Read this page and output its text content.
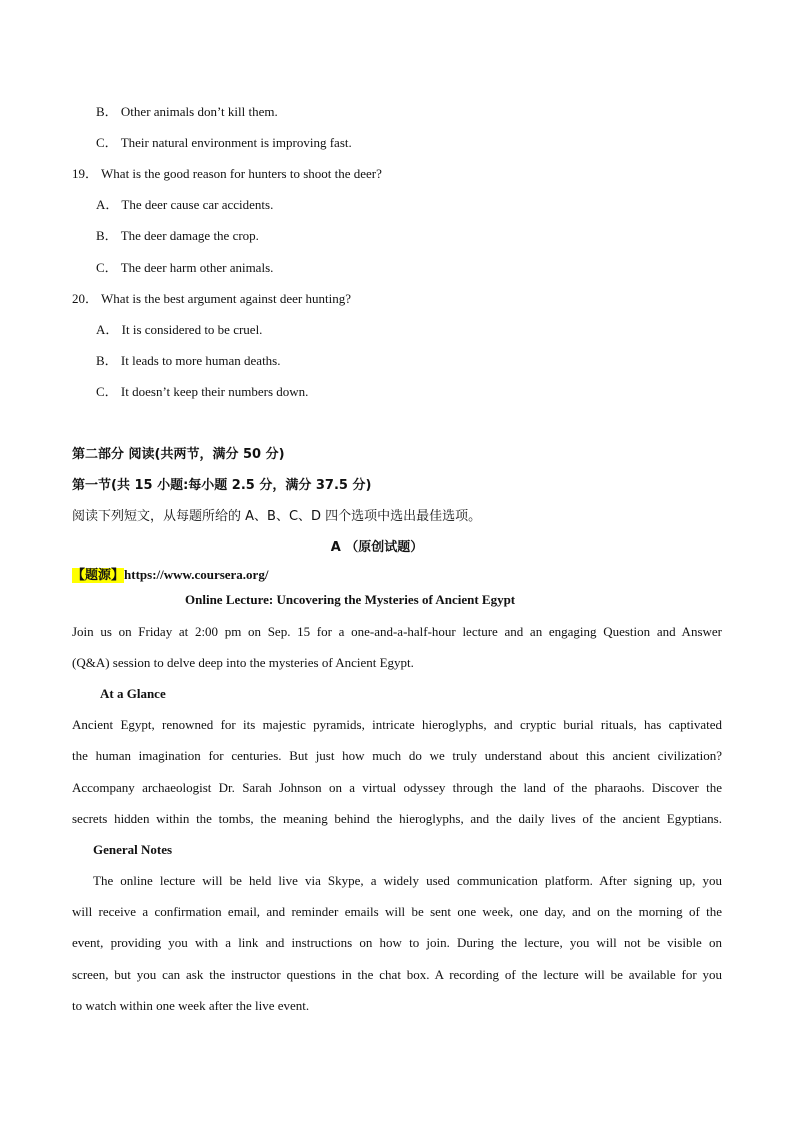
B． Other animals don’t kill them.
C． Their natural environment is improving fast.
19． What is the good reason for hunters to shoot the deer?
A． The deer cause car accidents.
B． The deer damage the crop.
C． The deer harm other animals.
20． What is the best argument against deer hunting?
A． It is considered to be cruel.
B． It leads to more human deaths.
C． It doesn’t keep their numbers down.
第二部分 阅读(共两节，满分 50 分)
第一节(共 15 小题:每小题 2.5 分，满分 37.5 分)
阅读下列短文，从每题所给的 A、B、C、D 四个选项中选出最佳选项。
A （原创试题）
【题源】https://www.coursera.org/
Online Lecture: Uncovering the Mysteries of Ancient Egypt
Join us on Friday at 2:00 pm on Sep. 15 for a one-and-a-half-hour lecture and an engaging Question and Answer
(Q&A) session to delve deep into the mysteries of Ancient Egypt.
At a Glance
Ancient Egypt, renowned for its majestic pyramids, intricate hieroglyphs, and cryptic burial rituals, has captivated
the human imagination for centuries. But just how much do we truly understand about this ancient civilization?
Accompany archaeologist Dr. Sarah Johnson on a virtual odyssey through the land of the pharaohs. Discover the
secrets hidden within the tombs, the meaning behind the hieroglyphs, and the daily lives of the ancient Egyptians.
General Notes
The online lecture will be held live via Skype, a widely used communication platform. After signing up, you
will receive a confirmation email, and reminder emails will be sent one week, one day, and on the morning of the
event, providing you with a link and instructions on how to join. During the lecture, you will not be visible on
screen, but you can ask the instructor questions in the chat box. A recording of the lecture will be available for you
to watch within one week after the live event.
